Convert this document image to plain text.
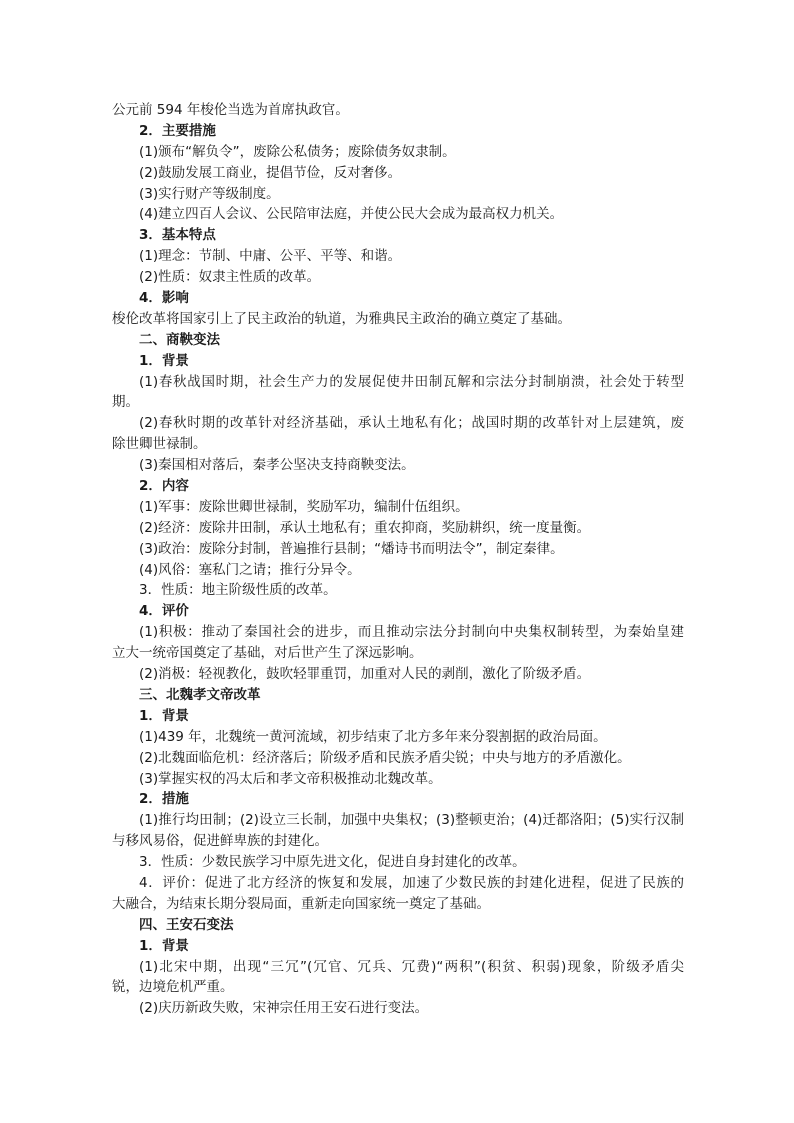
公元前 594 年梭伦当选为首席执政官。
2．主要措施
(1)颁布“解负令”，废除公私债务；废除债务奴隶制。
(2)鼓励发展工商业，提倡节俭，反对奢侈。
(3)实行财产等级制度。
(4)建立四百人会议、公民陪审法庭，并使公民大会成为最高权力机关。
3．基本特点
(1)理念：节制、中庸、公平、平等、和谐。
(2)性质：奴隶主性质的改革。
4．影响
梭伦改革将国家引上了民主政治的轨道，为雅典民主政治的确立奠定了基础。
二、商鞅变法
1．背景
(1)春秋战国时期，社会生产力的发展促使井田制瓦解和宗法分封制崩溃，社会处于转型
期。
(2)春秋时期的改革针对经济基础，承认土地私有化；战国时期的改革针对上层建筑，废
除世卿世禄制。
(3)秦国相对落后，秦孝公坚决支持商鞅变法。
2．内容
(1)军事：废除世卿世禄制，奖励军功，编制什伍组织。
(2)经济：废除井田制，承认土地私有；重农抑商，奖励耕织，统一度量衡。
(3)政治：废除分封制，普遍推行县制；“燔诗书而明法令”，制定秦律。
(4)风俗：塞私门之请；推行分异令。
3．性质：地主阶级性质的改革。
4．评价
(1)积极：推动了秦国社会的进步，而且推动宗法分封制向中央集权制转型，为秦始皇建
立大一统帝国奠定了基础，对后世产生了深远影响。
(2)消极：轻视教化，鼓吹轻罪重罚，加重对人民的剥削，激化了阶级矛盾。
三、北魏孝文帝改革
1．背景
(1)439 年，北魏统一黄河流域，初步结束了北方多年来分裂割据的政治局面。
(2)北魏面临危机：经济落后；阶级矛盾和民族矛盾尖锐；中央与地方的矛盾激化。
(3)掌握实权的冯太后和孝文帝积极推动北魏改革。
2．措施
(1)推行均田制；(2)设立三长制，加强中央集权；(3)整顿吏治；(4)迁都洛阳；(5)实行汉制
与移风易俗，促进鲜卑族的封建化。
3．性质：少数民族学习中原先进文化，促进自身封建化的改革。
4．评价：促进了北方经济的恢复和发展，加速了少数民族的封建化进程，促进了民族的
大融合，为结束长期分裂局面，重新走向国家统一奠定了基础。
四、王安石变法
1．背景
(1)北宋中期，出现“三冗”(冗官、冗兵、冗费)“两积”(积贫、积弱)现象，阶级矛盾尖
锐，边境危机严重。
(2)庆历新政失败，宋神宗任用王安石进行变法。
